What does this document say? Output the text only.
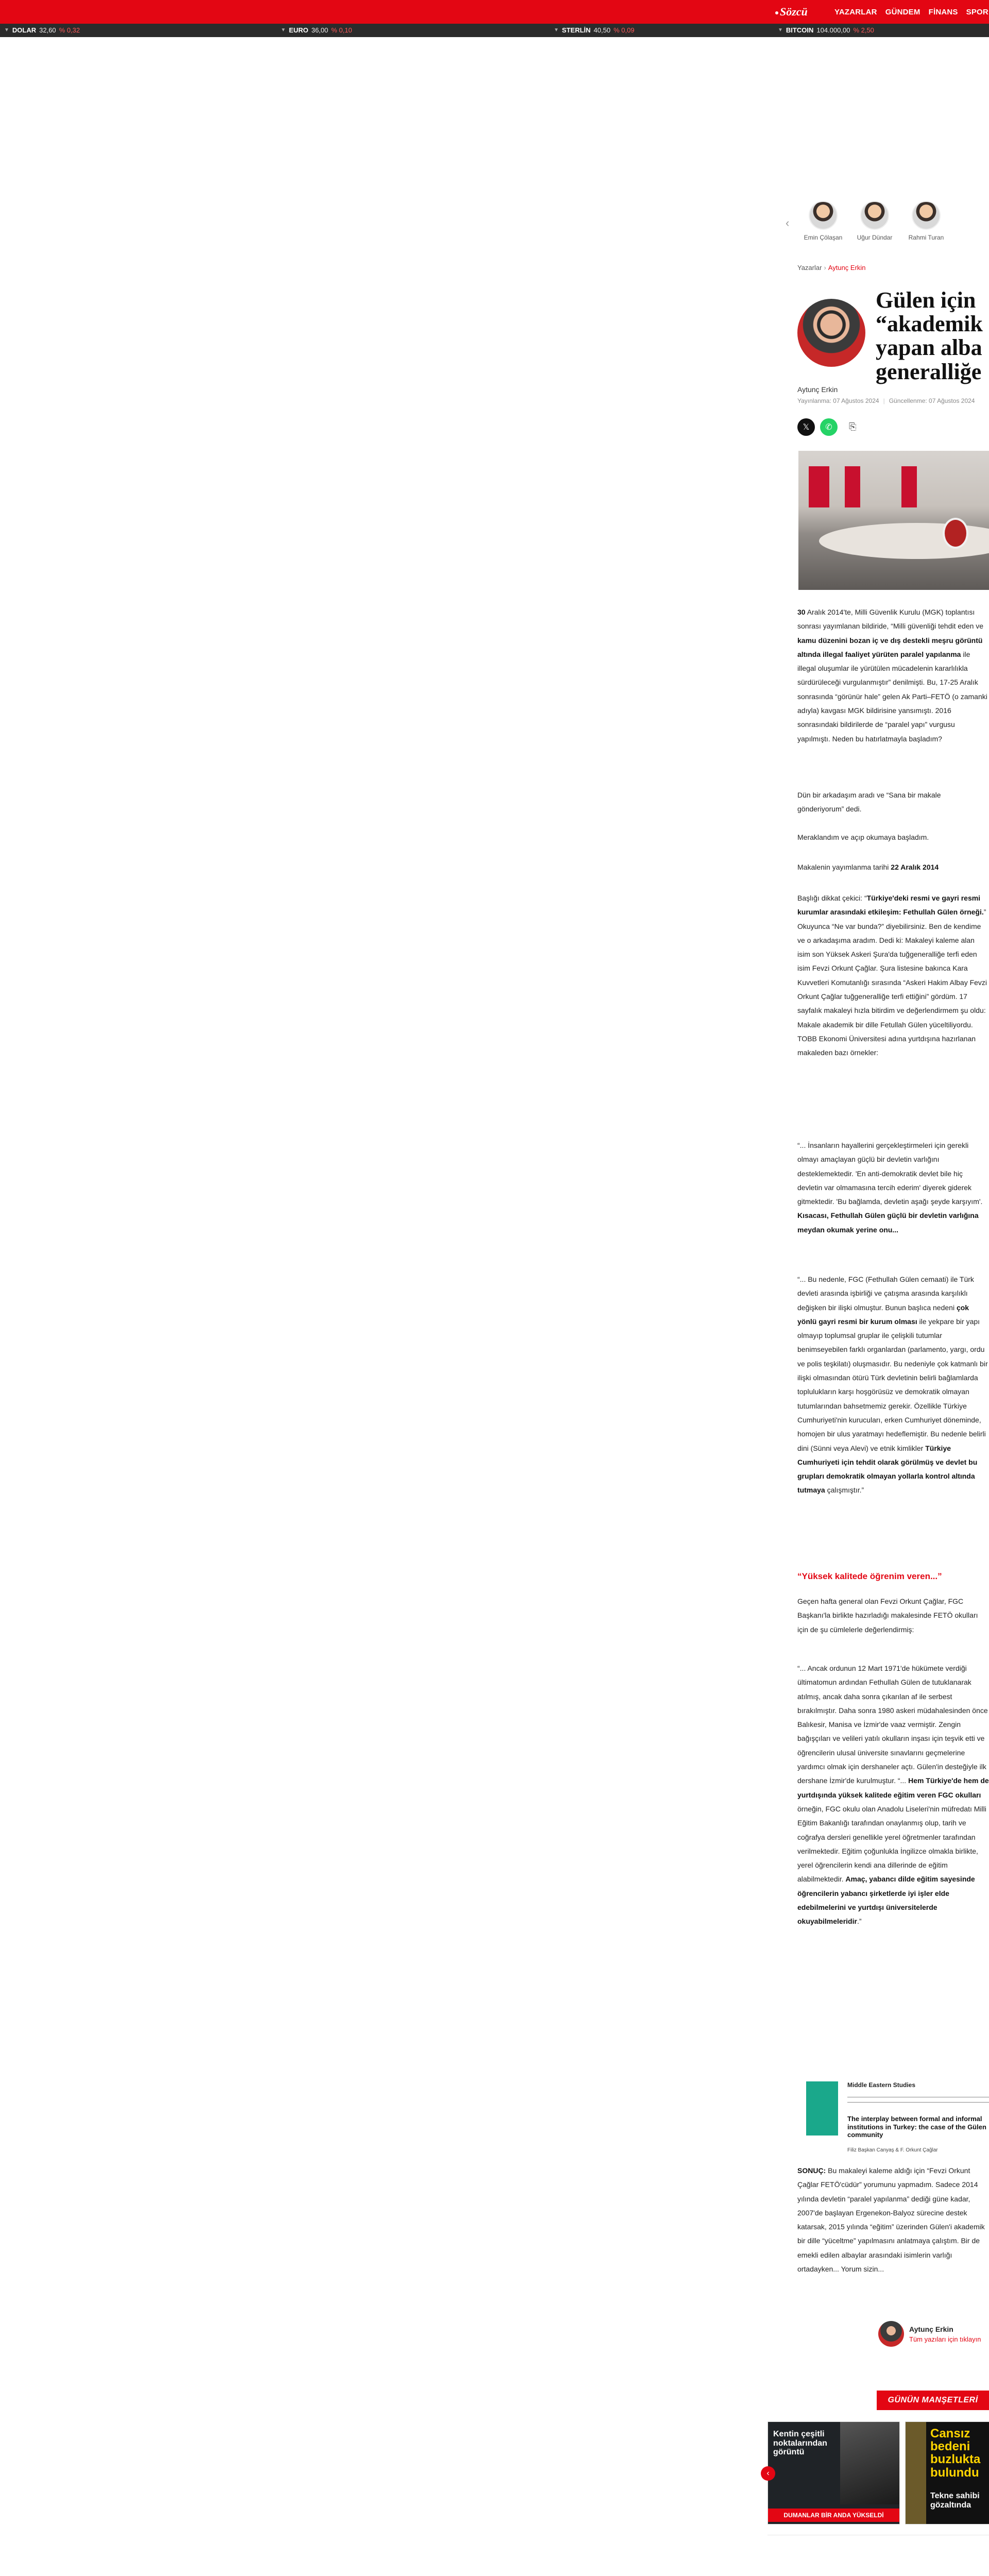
Sözcü	YAZARLAR GÜNDEM FİNANS SPOR
▼ DOLAR 32,60 % 0,32	▼ EURO 36,00 % 0,10	▼ STERLİN 40,50 % 0,09	▼ BITCOIN 104.000,00 % 2,50
‹
Emin Çölaşan	Uğur Dündar	Rahmi Turan
Yazarlar › Aytunç Erkin
Gülen için
“akademik
yapan alba
generalliğe
Aytunç Erkin
Yayınlanma: 07 Ağustos 2024 | Güncellenme: 07 Ağustos 2024
𝕏	✆	⎘
30 Aralık 2014'te, Milli Güvenlik Kurulu (MGK) toplantısı sonrası yayımlanan bildiride, “Milli güvenliği tehdit eden ve kamu düzenini bozan iç ve dış destekli meşru görüntü altında illegal faaliyet yürüten paralel yapılanma ile illegal oluşumlar ile yürütülen mücadelenin kararlılıkla sürdürüleceği vurgulanmıştır” denilmişti. Bu, 17-25 Aralık sonrasında “görünür hale” gelen Ak Parti–FETÖ (o zamanki adıyla) kavgası MGK bildirisine yansımıştı. 2016 sonrasındaki bildirilerde de “paralel yapı” vurgusu yapılmıştı. Neden bu hatırlatmayla başladım?
Dün bir arkadaşım aradı ve “Sana bir makale gönderiyorum” dedi.
Meraklandım ve açıp okumaya başladım.
Makalenin yayımlanma tarihi 22 Aralık 2014
Başlığı dikkat çekici: “Türkiye'deki resmi ve gayri resmi kurumlar arasındaki etkileşim: Fethullah Gülen örneği.” Okuyunca “Ne var bunda?” diyebilirsiniz. Ben de kendime ve o arkadaşıma aradım. Dedi ki: Makaleyi kaleme alan isim son Yüksek Askeri Şura'da tuğgeneralliğe terfi eden isim Fevzi Orkunt Çağlar. Şura listesine bakınca Kara Kuvvetleri Komutanlığı sırasında “Askeri Hakim Albay Fevzi Orkunt Çağlar tuğgeneralliğe terfi ettiğini” gördüm. 17 sayfalık makaleyi hızla bitirdim ve değerlendirmem şu oldu: Makale akademik bir dille Fetullah Gülen yüceltiliyordu. TOBB Ekonomi Üniversitesi adına yurtdışına hazırlanan makaleden bazı örnekler:
“... İnsanların hayallerini gerçekleştirmeleri için gerekli olmayı amaçlayan güçlü bir devletin varlığını desteklemektedir. 'En anti-demokratik devlet bile hiç devletin var olmamasına tercih ederim' diyerek giderek gitmektedir. 'Bu bağlamda, devletin aşağı şeyde karşıyım'. Kısacası, Fethullah Gülen güçlü bir devletin varlığına meydan okumak yerine onu...
“... Bu nedenle, FGC (Fethullah Gülen cemaati) ile Türk devleti arasında işbirliği ve çatışma arasında karşılıklı değişken bir ilişki olmuştur. Bunun başlıca nedeni çok yönlü gayri resmi bir kurum olması ile yekpare bir yapı olmayıp toplumsal gruplar ile çelişkili tutumlar benimseyebilen farklı organlardan (parlamento, yargı, ordu ve polis teşkilatı) oluşmasıdır. Bu nedeniyle çok katmanlı bir ilişki olmasından ötürü Türk devletinin belirli bağlamlarda toplulukların karşı hoşgörüsüz ve demokratik olmayan tutumlarından bahsetmemiz gerekir. Özellikle Türkiye Cumhuriyeti'nin kurucuları, erken Cumhuriyet döneminde, homojen bir ulus yaratmayı hedeflemiştir. Bu nedenle belirli dini (Sünni veya Alevi) ve etnik kimlikler Türkiye Cumhuriyeti için tehdit olarak görülmüş ve devlet bu grupları demokratik olmayan yollarla kontrol altında tutmaya çalışmıştır.”
“Yüksek kalitede öğrenim veren...”
Geçen hafta general olan Fevzi Orkunt Çağlar, FGC Başkanı'la birlikte hazırladığı makalesinde FETÖ okulları için de şu cümlelerle değerlendirmiş:
“... Ancak ordunun 12 Mart 1971'de hükümete verdiği ültimatomun ardından Fethullah Gülen de tutuklanarak atılmış, ancak daha sonra çıkarılan af ile serbest bırakılmıştır. Daha sonra 1980 askeri müdahalesinden önce Balıkesir, Manisa ve İzmir'de vaaz vermiştir. Zengin bağışçıları ve velileri yatılı okulların inşası için teşvik etti ve öğrencilerin ulusal üniversite sınavlarını geçmelerine yardımcı olmak için dershaneler açtı. Gülen'in desteğiyle ilk dershane İzmir'de kurulmuştur. “... Hem Türkiye'de hem de yurtdışında yüksek kalitede eğitim veren FGC okulları örneğin, FGC okulu olan Anadolu Liseleri'nin müfredatı Milli Eğitim Bakanlığı tarafından onaylanmış olup, tarih ve coğrafya dersleri genellikle yerel öğretmenler tarafından verilmektedir. Eğitim çoğunlukla İngilizce olmakla birlikte, yerel öğrencilerin kendi ana dillerinde de eğitim alabilmektedir. Amaç, yabancı dilde eğitim sayesinde öğrencilerin yabancı şirketlerde iyi işler elde edebilmelerini ve yurtdışı üniversitelerde okuyabilmeleridir.”
Middle Eastern Studies
The interplay between formal and informal institutions in Turkey: the case of the Gülen community
Filiz Başkan Canyaş & F. Orkunt Çağlar
SONUÇ: Bu makaleyi kaleme aldığı için “Fevzi Orkunt Çağlar FETÖ'cüdür” yorumunu yapmadım. Sadece 2014 yılında devletin “paralel yapılanma” dediği güne kadar, 2007'de başlayan Ergenekon-Balyoz sürecine destek katarsak, 2015 yılında “eğitim” üzerinden Gülen'i akademik bir dille “yüceltme” yapılmasını anlatmaya çalıştım. Bir de emekli edilen albaylar arasındaki isimlerin varlığı ortadayken... Yorum sizin...
Aytunç Erkin
Tüm yazıları için tıklayın
GÜNÜN MANŞETLERİ
Kentin çeşitli noktalarından görüntü
DUMANLAR BİR ANDA YÜKSELDİ
Cansız bedeni buzlukta bulundu
Tekne sahibi gözaltında
‹
